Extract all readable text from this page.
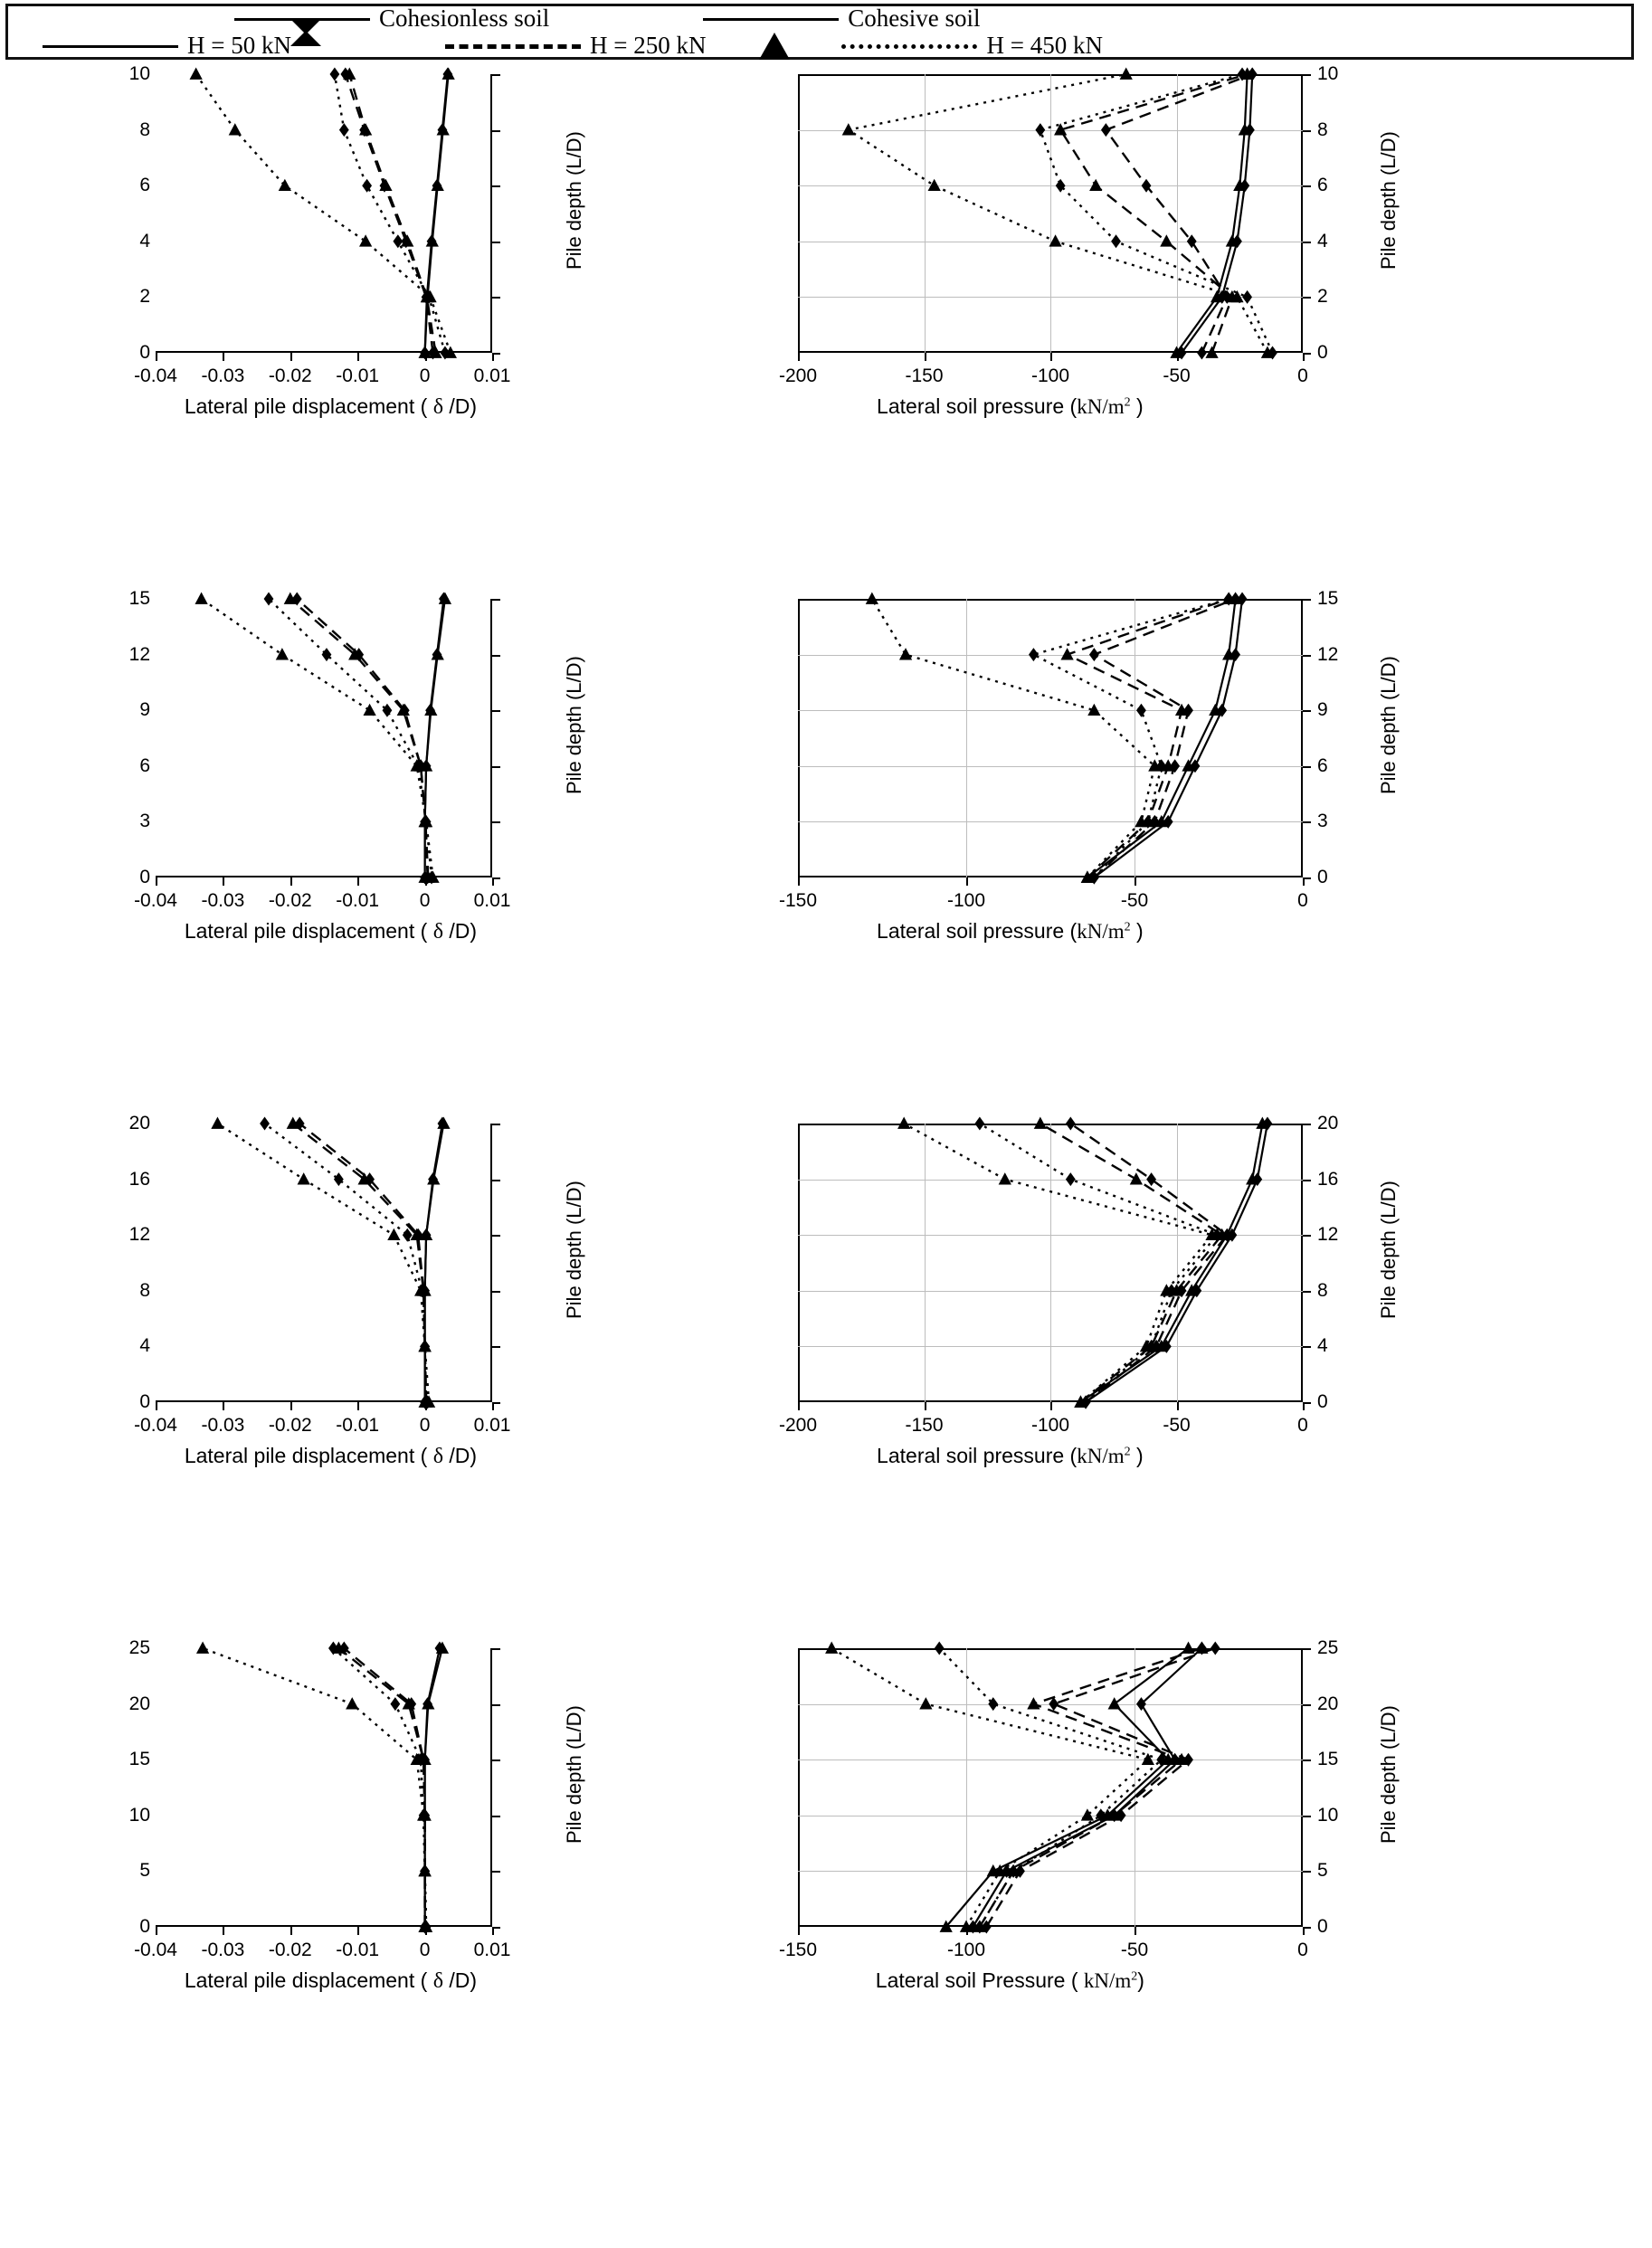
Cohesionless soil	Cohesive soil
H = 50 kN	H = 250 kN	H = 450 kN
-0.04 -0.03 -0.02 -0.01 0 0.01
0
2
4
6
8
10
Lateral pile displacement ( δ /D)
Pile depth (L/D)
-200	-150	-100	-50	0
0
2
4
6
8
10
Lateral soil pressure ($kN/m^2$ )
Pile depth (L/D)
-0.04 -0.03 -0.02 -0.01 0 0.01
0
3
6
9
12
15
Lateral pile displacement ( δ /D)
Pile depth (L/D)
-150	-100	-50	0
0
3
6
9
12
15
Lateral soil pressure ($kN/m^2$ )
Pile depth (L/D)
-0.04 -0.03 -0.02 -0.01 0 0.01
0
4
8
12
16
20
Lateral pile displacement ( δ /D)
Pile depth (L/D)
-200	-150	-100	-50	0
0
4
8
12
16
20
Lateral soil pressure ($kN/m^2$ )
Pile depth (L/D)
-0.04 -0.03 -0.02 -0.01 0 0.01
0
5
10
15
20
25
Lateral pile displacement ( δ /D)
Pile depth (L/D)
-150	-100	-50	0
0
5
10
15
20
25
Lateral soil Pressure ( $kN/m^2$)
Pile depth (L/D)
